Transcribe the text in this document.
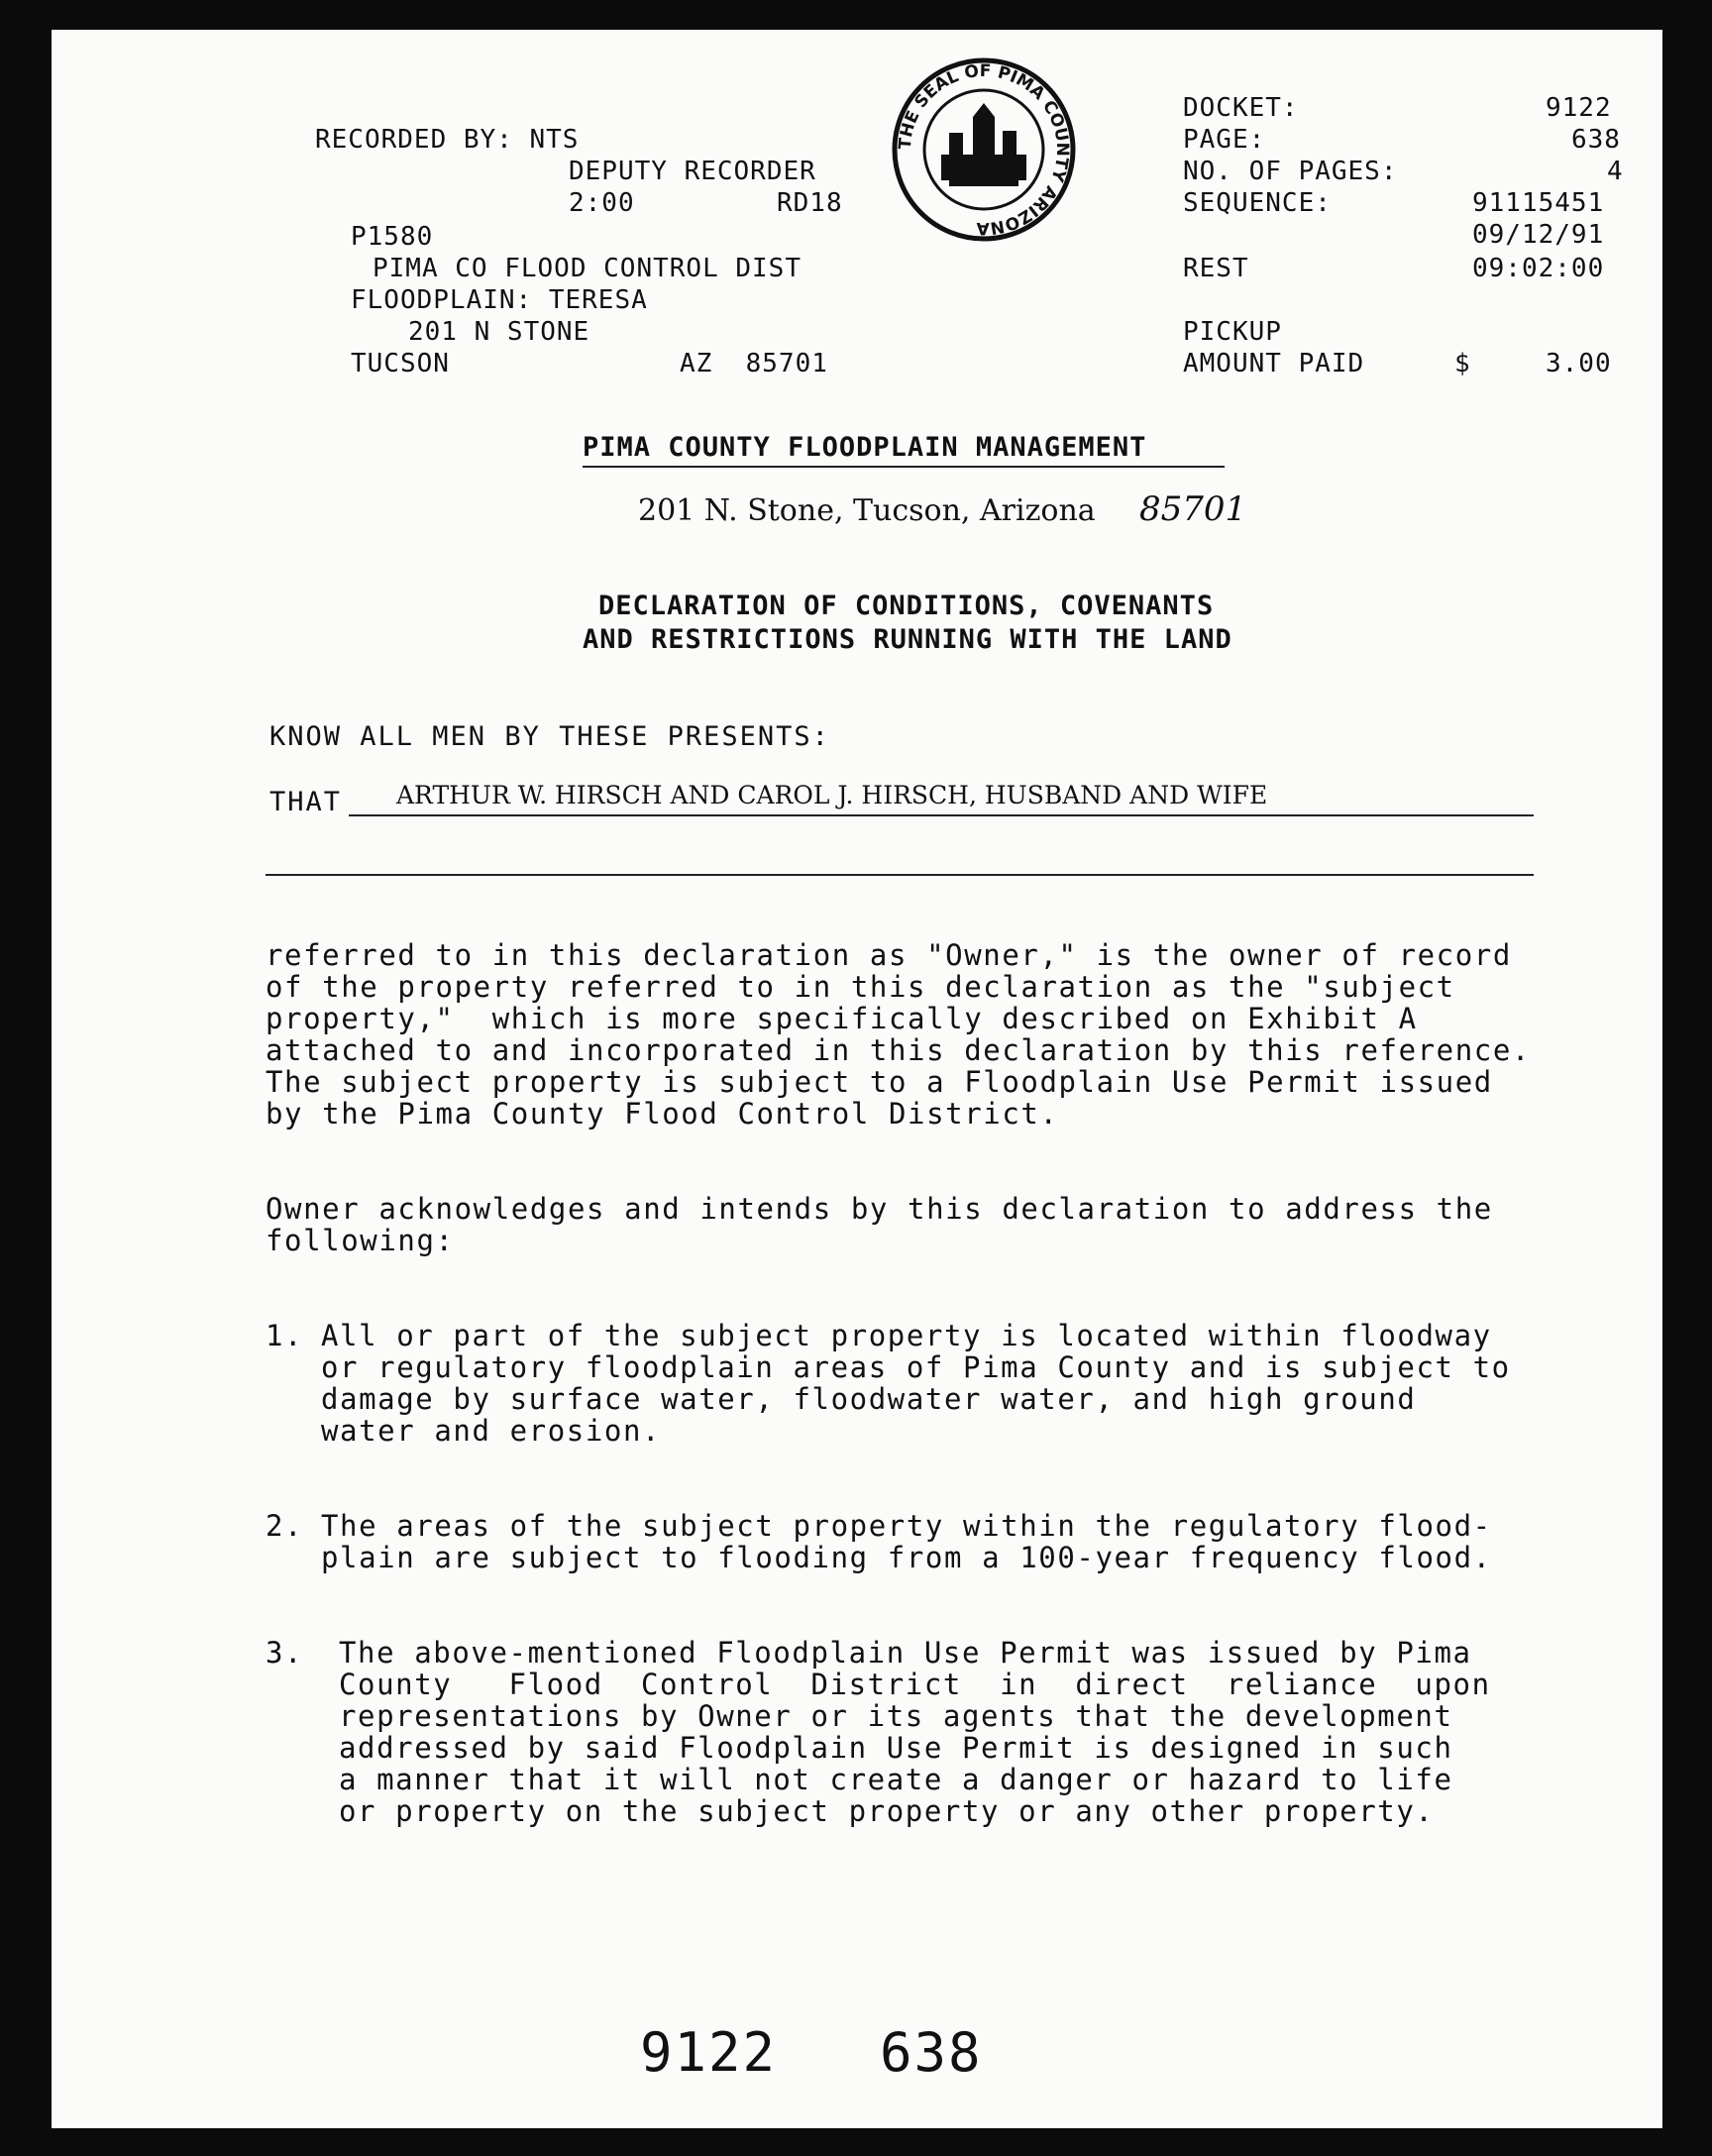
RECORDED BY: NTS
DEPUTY RECORDER
2:00	RD18
P1580
PIMA CO FLOOD CONTROL DIST
FLOODPLAIN: TERESA
201 N STONE
TUCSON	AZ  85701
THE SEAL OF PIMA COUNTY ARIZONA
DOCKET:	9122
PAGE:	638
NO. OF PAGES:	4
SEQUENCE:	91115451
09/12/91
REST	09:02:00
PICKUP
AMOUNT PAID	$	3.00
PIMA COUNTY FLOODPLAIN MANAGEMENT
201 N. Stone, Tucson, Arizona 85701
DECLARATION OF CONDITIONS, COVENANTS
AND RESTRICTIONS RUNNING WITH THE LAND
KNOW ALL MEN BY THESE PRESENTS:
THAT ARTHUR W. HIRSCH AND CAROL J. HIRSCH, HUSBAND AND WIFE
referred to in this declaration as "Owner," is the owner of record
of the property referred to in this declaration as the "subject
property,"  which is more specifically described on Exhibit A
attached to and incorporated in this declaration by this reference.
The subject property is subject to a Floodplain Use Permit issued
by the Pima County Flood Control District.
Owner acknowledges and intends by this declaration to address the
following:
1. All or part of the subject property is located within floodway
or regulatory floodplain areas of Pima County and is subject to
damage by surface water, floodwater water, and high ground
water and erosion.
2. The areas of the subject property within the regulatory flood-
plain are subject to flooding from a 100-year frequency flood.
3. The above-mentioned Floodplain Use Permit was issued by Pima
County   Flood  Control  District  in  direct  reliance  upon
representations by Owner or its agents that the development
addressed by said Floodplain Use Permit is designed in such
a manner that it will not create a danger or hazard to life
or property on the subject property or any other property.
9122 638
